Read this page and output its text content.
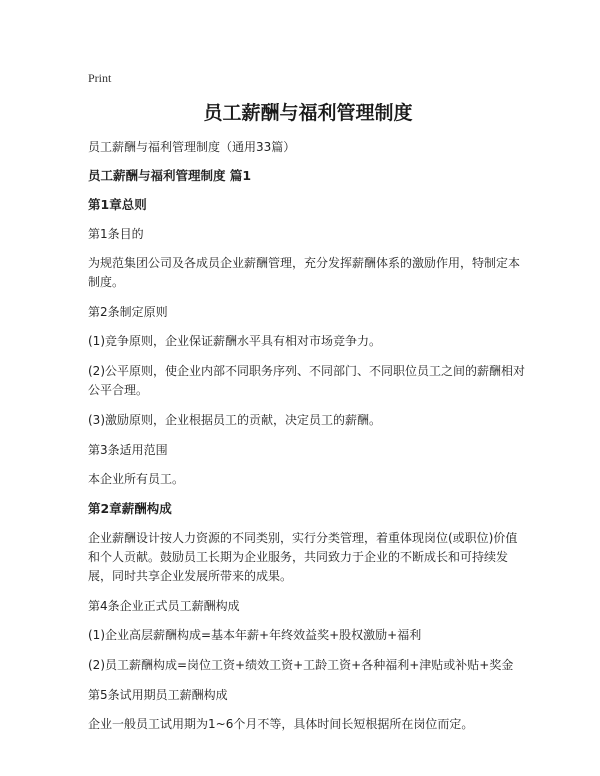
Print
员工薪酬与福利管理制度
员工薪酬与福利管理制度（通用33篇）
员工薪酬与福利管理制度 篇1
第1章总则
第1条目的
为规范集团公司及各成员企业薪酬管理，充分发挥薪酬体系的激励作用，特制定本制度。
第2条制定原则
(1)竞争原则，企业保证薪酬水平具有相对市场竞争力。
(2)公平原则，使企业内部不同职务序列、不同部门、不同职位员工之间的薪酬相对公平合理。
(3)激励原则，企业根据员工的贡献，决定员工的薪酬。
第3条适用范围
本企业所有员工。
第2章薪酬构成
企业薪酬设计按人力资源的不同类别，实行分类管理，着重体现岗位(或职位)价值和个人贡献。鼓励员工长期为企业服务，共同致力于企业的不断成长和可持续发展，同时共享企业发展所带来的成果。
第4条企业正式员工薪酬构成
(1)企业高层薪酬构成=基本年薪+年终效益奖+股权激励+福利
(2)员工薪酬构成=岗位工资+绩效工资+工龄工资+各种福利+津贴或补贴+奖金
第5条试用期员工薪酬构成
企业一般员工试用期为1~6个月不等，具体时间长短根据所在岗位而定。
